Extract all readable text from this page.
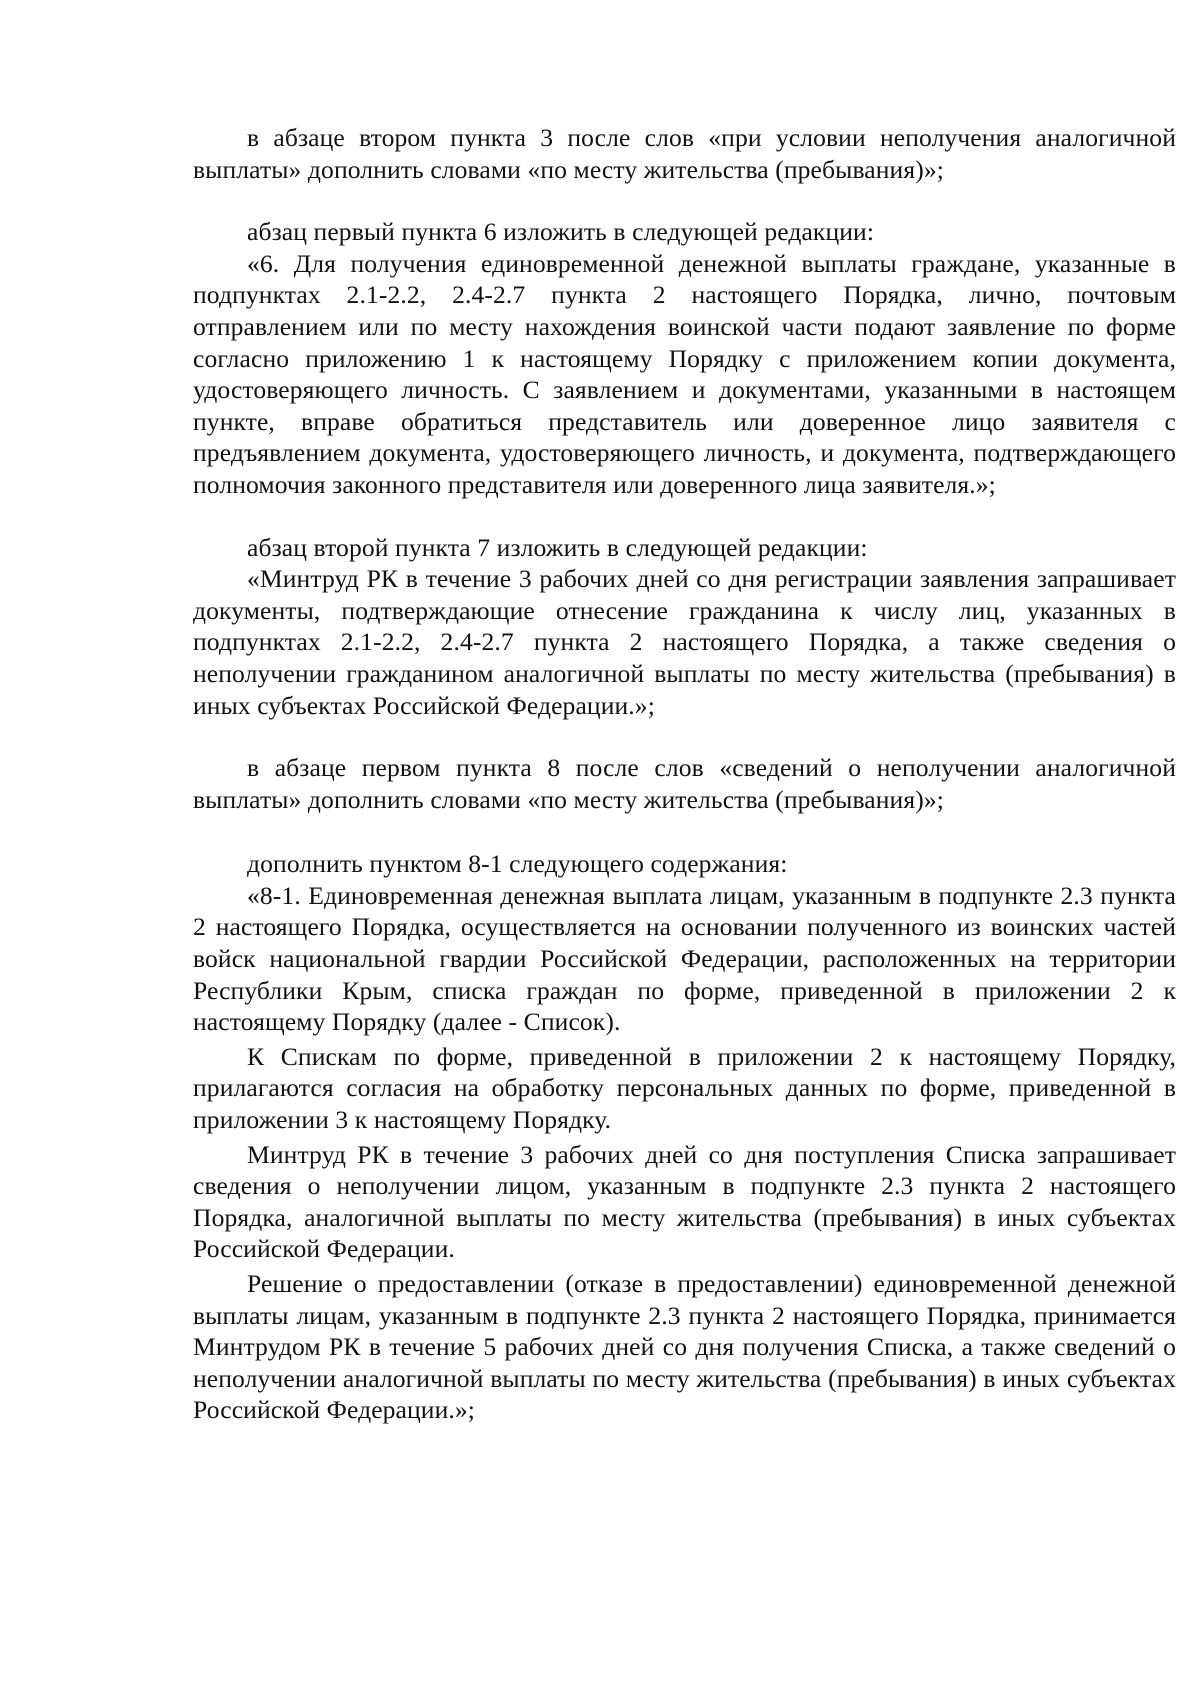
в абзаце втором пункта 3 после слов «при условии неполучения аналогичной выплаты» дополнить словами «по месту жительства (пребывания)»;

абзац первый пункта 6 изложить в следующей редакции:

«6. Для получения единовременной денежной выплаты граждане, указанные в подпунктах 2.1-2.2, 2.4-2.7 пункта 2 настоящего Порядка, лично, почтовым отправлением или по месту нахождения воинской части подают заявление по форме согласно приложению 1 к настоящему Порядку с приложением копии документа, удостоверяющего личность. С заявлением и документами, указанными в настоящем пункте, вправе обратиться представитель или доверенное лицо заявителя с предъявлением документа, удостоверяющего личность, и документа, подтверждающего полномочия законного представителя или доверенного лица заявителя.»;

абзац второй пункта 7 изложить в следующей редакции:

«Минтруд РК в течение 3 рабочих дней со дня регистрации заявления запрашивает документы, подтверждающие отнесение гражданина к числу лиц, указанных в подпунктах 2.1-2.2, 2.4-2.7 пункта 2 настоящего Порядка, а также сведения о неполучении гражданином аналогичной выплаты по месту жительства (пребывания) в иных субъектах Российской Федерации.»;

в абзаце первом пункта 8 после слов «сведений о неполучении аналогичной выплаты» дополнить словами «по месту жительства (пребывания)»;

дополнить пунктом 8-1 следующего содержания:

«8-1. Единовременная денежная выплата лицам, указанным в подпункте 2.3 пункта 2 настоящего Порядка, осуществляется на основании полученного из воинских частей войск национальной гвардии Российской Федерации, расположенных на территории Республики Крым, списка граждан по форме, приведенной в приложении 2 к настоящему Порядку (далее - Список).

К Спискам по форме, приведенной в приложении 2 к настоящему Порядку, прилагаются согласия на обработку персональных данных по форме, приведенной в приложении 3 к настоящему Порядку.

Минтруд РК в течение 3 рабочих дней со дня поступления Списка запрашивает сведения о неполучении лицом, указанным в подпункте 2.3 пункта 2 настоящего Порядка, аналогичной выплаты по месту жительства (пребывания) в иных субъектах Российской Федерации.

Решение о предоставлении (отказе в предоставлении) единовременной денежной выплаты лицам, указанным в подпункте 2.3 пункта 2 настоящего Порядка, принимается Минтрудом РК в течение 5 рабочих дней со дня получения Списка, а также сведений о неполучении аналогичной выплаты по месту жительства (пребывания) в иных субъектах Российской Федерации.»;
